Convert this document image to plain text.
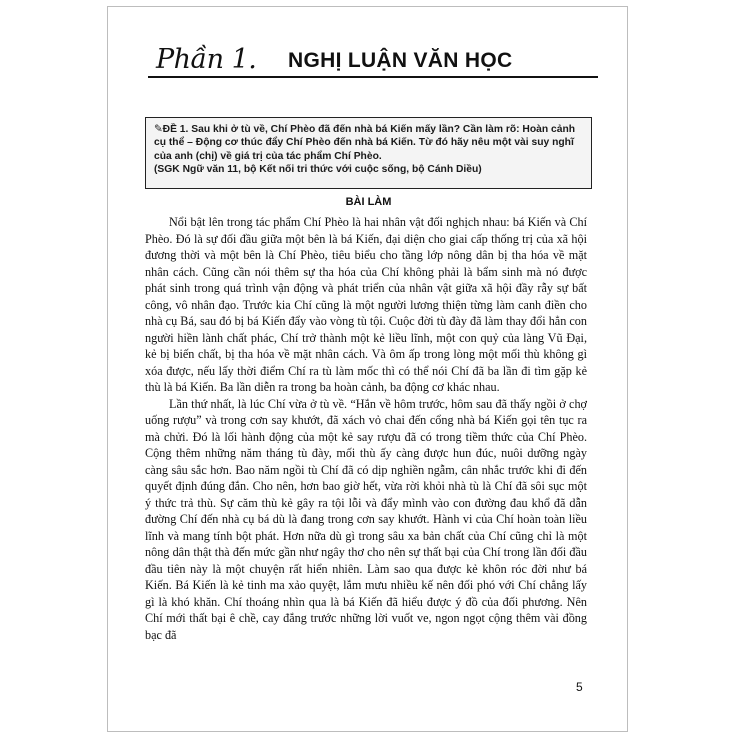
Phần 1. NGHỊ LUẬN VĂN HỌC
✎ĐỀ 1. Sau khi ở tù về, Chí Phèo đã đến nhà bá Kiến mấy lần? Cần làm rõ: Hoàn cảnh cụ thể – Động cơ thúc đẩy Chí Phèo đến nhà bá Kiến. Từ đó hãy nêu một vài suy nghĩ của anh (chị) về giá trị của tác phẩm Chí Phèo.
(SGK Ngữ văn 11, bộ Kết nối tri thức với cuộc sống, bộ Cánh Diều)
BÀI LÀM

Nổi bật lên trong tác phẩm Chí Phèo là hai nhân vật đối nghịch nhau: bá Kiến và Chí Phèo. Đó là sự đối đầu giữa một bên là bá Kiến, đại diện cho giai cấp thống trị của xã hội đương thời và một bên là Chí Phèo, tiêu biểu cho tầng lớp nông dân bị tha hóa về mặt nhân cách. Cũng cần nói thêm sự tha hóa của Chí không phải là bẩm sinh mà nó được phát sinh trong quá trình vận động và phát triển của nhân vật giữa xã hội đầy rẫy sự bất công, vô nhân đạo. Trước kia Chí cũng là một người lương thiện từng làm canh điền cho nhà cụ Bá, sau đó bị bá Kiến đẩy vào vòng tù tội. Cuộc đời tù đày đã làm thay đổi hẳn con người hiền lành chất phác, Chí trở thành một kẻ liều lĩnh, một con quỷ của làng Vũ Đại, kẻ bị biến chất, bị tha hóa về mặt nhân cách. Và ôm ấp trong lòng một mối thù không gì xóa được, nếu lấy thời điểm Chí ra tù làm mốc thì có thể nói Chí đã ba lần đi tìm gặp kẻ thù là bá Kiến. Ba lần diễn ra trong ba hoàn cảnh, ba động cơ khác nhau.

Lần thứ nhất, là lúc Chí vừa ở tù về. “Hắn về hôm trước, hôm sau đã thấy ngồi ở chợ uống rượu” và trong cơn say khướt, đã xách vỏ chai đến cổng nhà bá Kiến gọi tên tục ra mà chửi. Đó là lối hành động của một kẻ say rượu đã có trong tiềm thức của Chí Phèo. Cộng thêm những năm tháng tù đày, mối thù ấy càng được hun đúc, nuôi dưỡng ngày càng sâu sắc hơn. Bao năm ngồi tù Chí đã có dịp nghiền ngẫm, cân nhắc trước khi đi đến quyết định đúng đắn. Cho nên, hơn bao giờ hết, vừa rời khỏi nhà tù là Chí đã sôi sục một ý thức trả thù. Sự căm thù kẻ gây ra tội lỗi và đẩy mình vào con đường đau khổ đã dẫn đường Chí đến nhà cụ bá dù là đang trong cơn say khướt. Hành vi của Chí hoàn toàn liều lĩnh và mang tính bột phát. Hơn nữa dù gì trong sâu xa bản chất của Chí cũng chỉ là một nông dân thật thà đến mức gần như ngây thơ cho nên sự thất bại của Chí trong lần đối đầu đầu tiên này là một chuyện rất hiển nhiên. Làm sao qua được kẻ khôn róc đời như bá Kiến. Bá Kiến là kẻ tinh ma xảo quyệt, lắm mưu nhiều kế nên đối phó với Chí chẳng lấy gì là khó khăn. Chí thoáng nhìn qua là bá Kiến đã hiểu được ý đồ của đối phương. Nên Chí mới thất bại ê chề, cay đắng trước những lời vuốt ve, ngon ngọt cộng thêm vài đồng bạc đã

5
